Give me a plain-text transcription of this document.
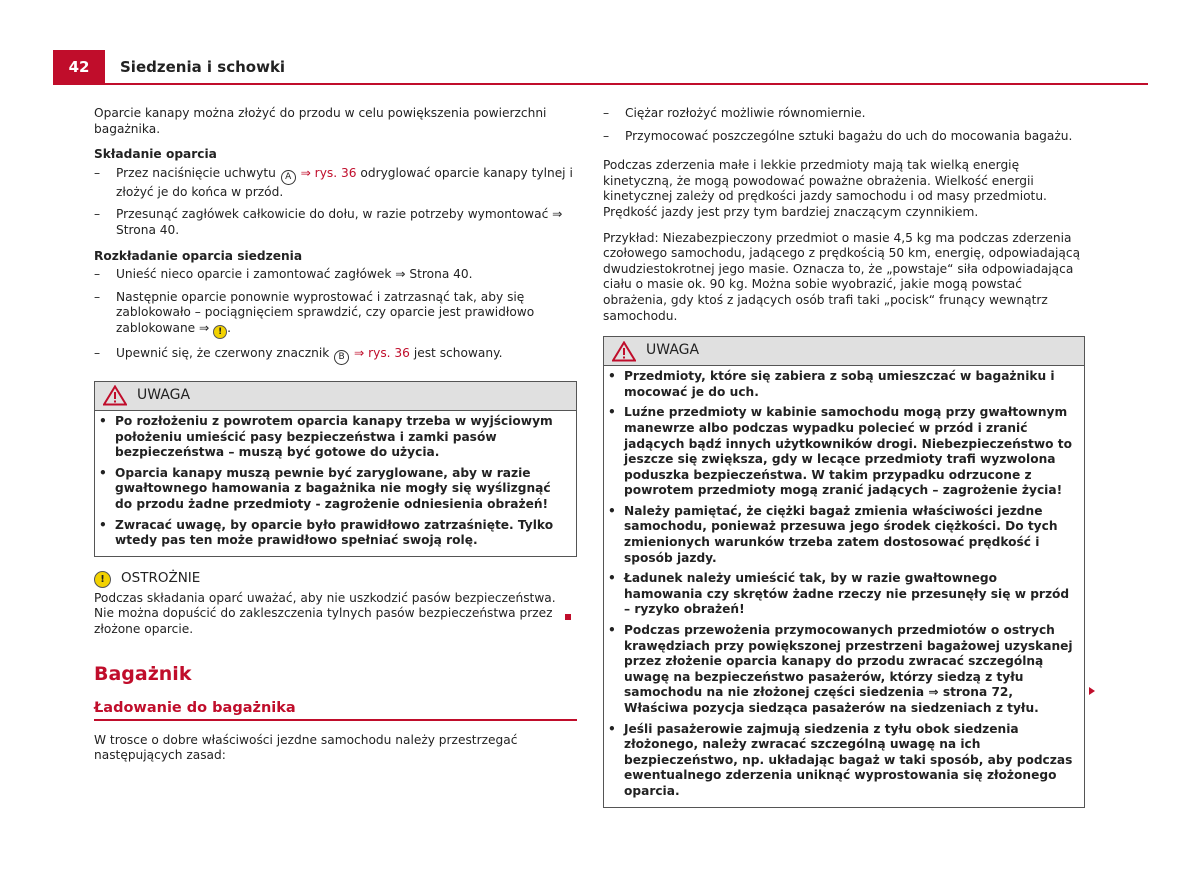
42	Siedzenia i schowki

Oparcie kanapy można złożyć do przodu w celu powiększenia powierzchni bagażnika.

Składanie oparcia
–	Przez naciśnięcie uchwytu A ⇒ rys. 36 odryglować oparcie kanapy tylnej i złożyć je do końca w przód.
–	Przesunąć zagłówek całkowicie do dołu, w razie potrzeby wymontować ⇒ Strona 40.
Rozkładanie oparcia siedzenia
–	Unieść nieco oparcie i zamontować zagłówek ⇒ Strona 40.
–	Następnie oparcie ponownie wyprostować i zatrzasnąć tak, aby się zablokowało – pociągnięciem sprawdzić, czy oparcie jest prawidłowo zablokowane ⇒ ! .
–	Upewnić się, że czerwony znacznik B ⇒ rys. 36 jest schowany.
UWAGA
• Po rozłożeniu z powrotem oparcia kanapy trzeba w wyjściowym położeniu umieścić pasy bezpieczeństwa i zamki pasów bezpieczeństwa – muszą być gotowe do użycia.
• Oparcia kanapy muszą pewnie być zaryglowane, aby w razie gwałtownego hamowania z bagażnika nie mogły się wyślizgnąć do przodu żadne przedmioty - zagrożenie odniesienia obrażeń!
• Zwracać uwagę, by oparcie było prawidłowo zatrzaśnięte. Tylko wtedy pas ten może prawidłowo spełniać swoją rolę.
!	OSTROŻNIE

Podczas składania oparć uważać, aby nie uszkodzić pasów bezpieczeństwa. Nie można dopuścić do zakleszczenia tylnych pasów bezpieczeństwa przez złożone oparcie.

Bagażnik
Ładowanie do bagażnika

W trosce o dobre właściwości jezdne samochodu należy przestrzegać następujących zasad:

–	Ciężar rozłożyć możliwie równomiernie.
–	Przymocować poszczególne sztuki bagażu do uch do mocowania bagażu.

Podczas zderzenia małe i lekkie przedmioty mają tak wielką energię kinetyczną, że mogą powodować poważne obrażenia. Wielkość energii kinetycznej zależy od prędkości jazdy samochodu i od masy przedmiotu. Prędkość jazdy jest przy tym bardziej znaczącym czynnikiem.

Przykład: Niezabezpieczony przedmiot o masie 4,5 kg ma podczas zderzenia czołowego samochodu, jadącego z prędkością 50 km, energię, odpowiadającą dwudziestokrotnej jego masie. Oznacza to, że „powstaje“ siła odpowiadająca ciału o masie ok. 90 kg. Można sobie wyobrazić, jakie mogą powstać obrażenia, gdy ktoś z jadących osób trafi taki „pocisk“ frunący wewnątrz samochodu.

UWAGA
• Przedmioty, które się zabiera z sobą umieszczać w bagażniku i mocować je do uch.
• Luźne przedmioty w kabinie samochodu mogą przy gwałtownym manewrze albo podczas wypadku polecieć w przód i zranić jadących bądź innych użytkowników drogi. Niebezpieczeństwo to jeszcze się zwiększa, gdy w lecące przedmioty trafi wyzwolona poduszka bezpieczeństwa. W takim przypadku odrzucone z powrotem przedmioty mogą zranić jadących – zagrożenie życia!
• Należy pamiętać, że ciężki bagaż zmienia właściwości jezdne samochodu, ponieważ przesuwa jego środek ciężkości. Do tych zmienionych warunków trzeba zatem dostosować prędkość i sposób jazdy.
• Ładunek należy umieścić tak, by w razie gwałtownego hamowania czy skrętów żadne rzeczy nie przesunęły się w przód – ryzyko obrażeń!
• Podczas przewożenia przymocowanych przedmiotów o ostrych krawędziach przy powiększonej przestrzeni bagażowej uzyskanej przez złożenie oparcia kanapy do przodu zwracać szczególną uwagę na bezpieczeństwo pasażerów, którzy siedzą z tyłu samochodu na nie złożonej części siedzenia ⇒ strona 72, Właściwa pozycja siedząca pasażerów na siedzeniach z tyłu.
• Jeśli pasażerowie zajmują siedzenia z tyłu obok siedzenia złożonego, należy zwracać szczególną uwagę na ich bezpieczeństwo, np. układając bagaż w taki sposób, aby podczas ewentualnego zderzenia uniknąć wyprostowania się złożonego oparcia.
